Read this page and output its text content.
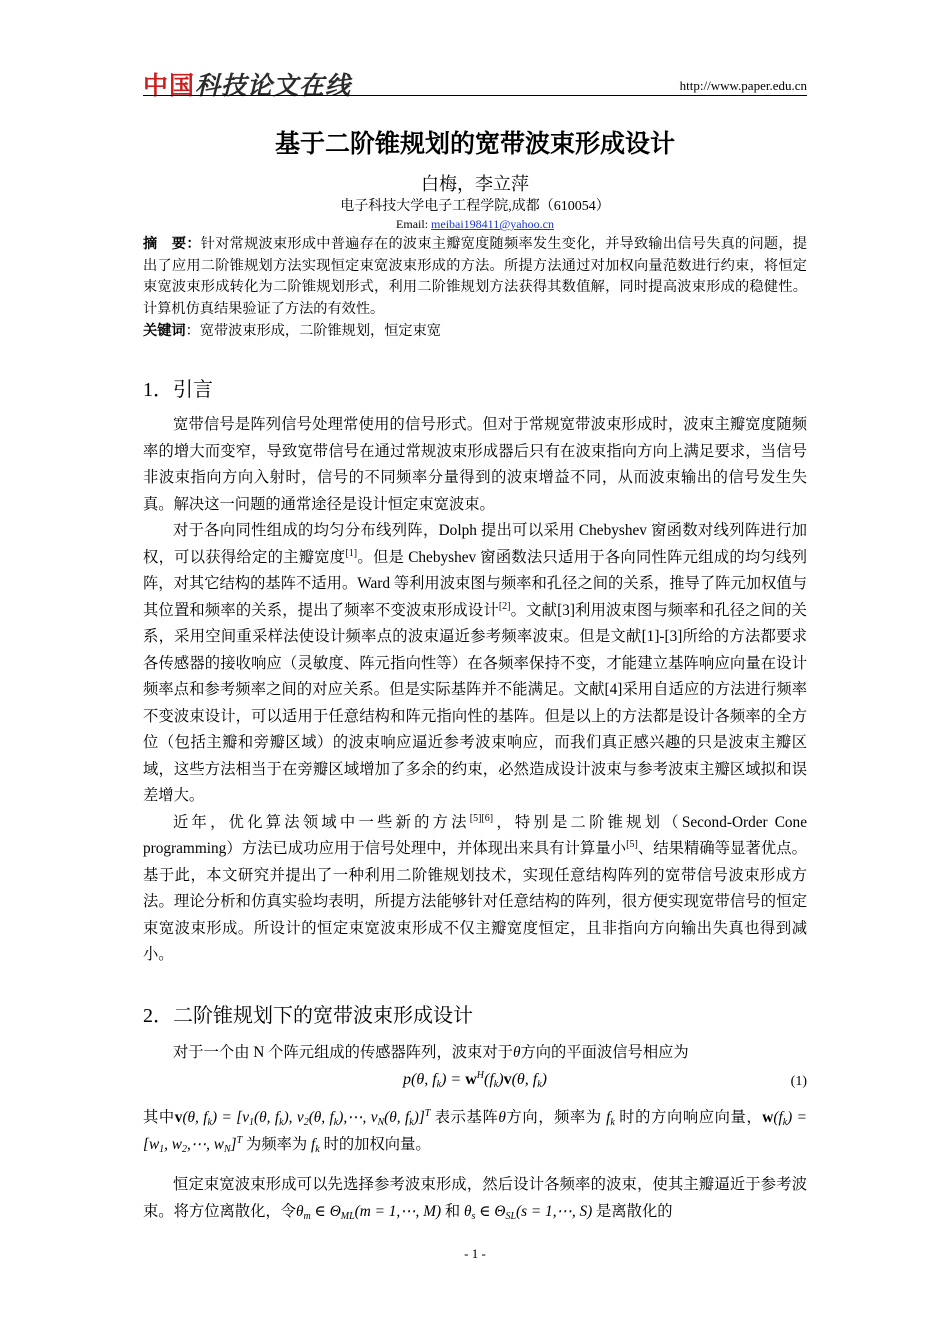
中国科技论文在线	http://www.paper.edu.cn
基于二阶锥规划的宽带波束形成设计
白梅，李立萍
电子科技大学电子工程学院,成都（610054）
Email: meibai198411@yahoo.cn
摘　要：针对常规波束形成中普遍存在的波束主瓣宽度随频率发生变化，并导致输出信号失真的问题，提出了应用二阶锥规划方法实现恒定束宽波束形成的方法。所提方法通过对加权向量范数进行约束，将恒定束宽波束形成转化为二阶锥规划形式，利用二阶锥规划方法获得其数值解，同时提高波束形成的稳健性。计算机仿真结果验证了方法的有效性。
关键词：宽带波束形成，二阶锥规划，恒定束宽
1．引言

宽带信号是阵列信号处理常使用的信号形式。但对于常规宽带波束形成时，波束主瓣宽度随频率的增大而变窄，导致宽带信号在通过常规波束形成器后只有在波束指向方向上满足要求，当信号非波束指向方向入射时，信号的不同频率分量得到的波束增益不同，从而波束输出的信号发生失真。解决这一问题的通常途径是设计恒定束宽波束。

对于各向同性组成的均匀分布线列阵，Dolph 提出可以采用 Chebyshev 窗函数对线列阵进行加权，可以获得给定的主瓣宽度[1]。但是 Chebyshev 窗函数法只适用于各向同性阵元组成的均匀线列阵，对其它结构的基阵不适用。Ward 等利用波束图与频率和孔径之间的关系，推导了阵元加权值与其位置和频率的关系，提出了频率不变波束形成设计[2]。文献[3]利用波束图与频率和孔径之间的关系，采用空间重采样法使设计频率点的波束逼近参考频率波束。但是文献[1]-[3]所给的方法都要求各传感器的接收响应（灵敏度、阵元指向性等）在各频率保持不变，才能建立基阵响应向量在设计频率点和参考频率之间的对应关系。但是实际基阵并不能满足。文献[4]采用自适应的方法进行频率不变波束设计，可以适用于任意结构和阵元指向性的基阵。但是以上的方法都是设计各频率的全方位（包括主瓣和旁瓣区域）的波束响应逼近参考波束响应，而我们真正感兴趣的只是波束主瓣区域，这些方法相当于在旁瓣区域增加了多余的约束，必然造成设计波束与参考波束主瓣区域拟和误差增大。

近年，优化算法领域中一些新的方法[5][6]，特别是二阶锥规划（Second-Order Cone programming）方法已成功应用于信号处理中，并体现出来具有计算量小[5]、结果精确等显著优点。基于此，本文研究并提出了一种利用二阶锥规划技术，实现任意结构阵列的宽带信号波束形成方法。理论分析和仿真实验均表明，所提方法能够针对任意结构的阵列，很方便实现宽带信号的恒定束宽波束形成。所设计的恒定束宽波束形成不仅主瓣宽度恒定，且非指向方向输出失真也得到减小。

2．二阶锥规划下的宽带波束形成设计

对于一个由 N 个阵元组成的传感器阵列，波束对于θ方向的平面波信号相应为

p(θ, $f_k) = w^H(f_k)v(\theta$, $f_k$)	(1)

其中v(θ, $f_k) = [v_1(\theta$, $f_k$), $v_2(\theta$, $f_k),\cdots$, $v_N(\theta$, $f_k)]^T$ 表示基阵θ方向，频率为 $f_k$ 时的方向响应向量，$w(f_k) = [w_1$, $w_2,\cdots$, $w_N]^T$ 为频率为 $f_k$ 时的加权向量。

恒定束宽波束形成可以先选择参考波束形成，然后设计各频率的波束，使其主瓣逼近于参考波束。将方位离散化，令$\theta_m$ ∈ $\Theta_{ML}(m$ = 1,⋯, M) 和 $\theta_s$ ∈ $\Theta_{SL}(s$ = 1,⋯, S) 是离散化的

- 1 -
